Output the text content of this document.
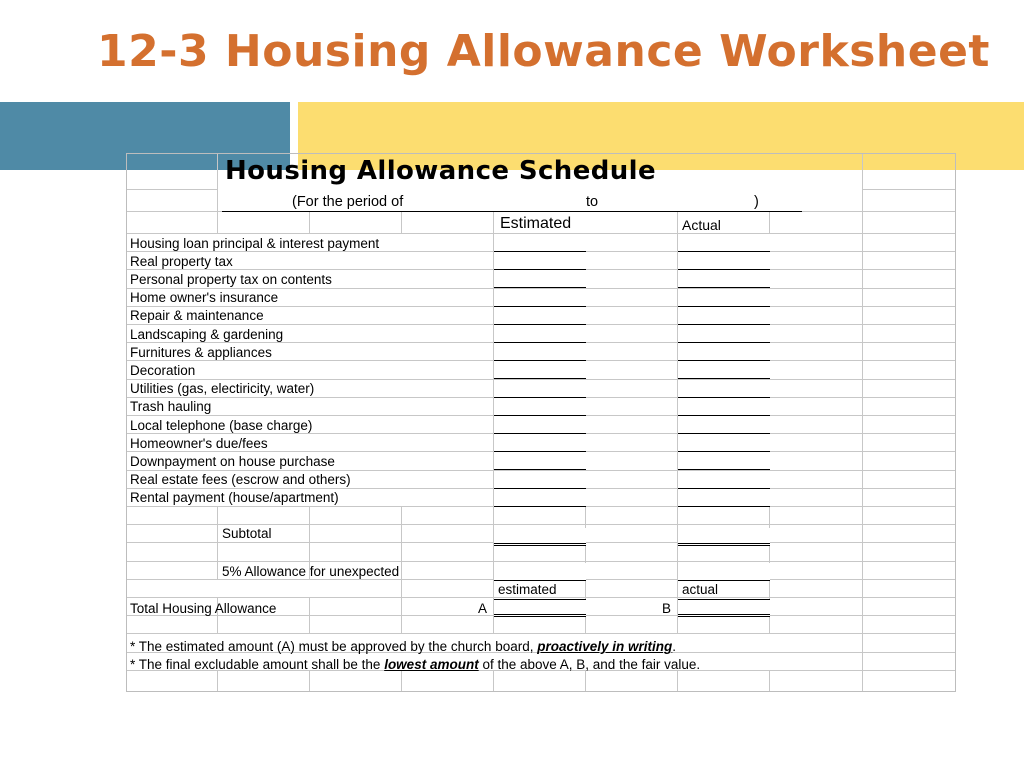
12-3 Housing Allowance Worksheet
Housing Allowance Schedule
(For the period of	to	)
Estimated	Actual
Housing loan principal & interest payment
Real property tax
Personal property tax on contents
Home owner's insurance
Repair & maintenance
Landscaping & gardening
Furnitures & appliances
Decoration
Utilities (gas, electiricity, water)
Trash hauling
Local telephone (base charge)
Homeowner's due/fees
Downpayment on house purchase
Real estate fees (escrow and others)
Rental payment (house/apartment)
Subtotal
5% Allowance for unexpected
estimated	actual
Total Housing Allowance	A	B
* The estimated amount (A) must be approved by the church board, proactively in writing.
* The final excludable amount shall be the lowest amount of the above A, B, and the fair value.
